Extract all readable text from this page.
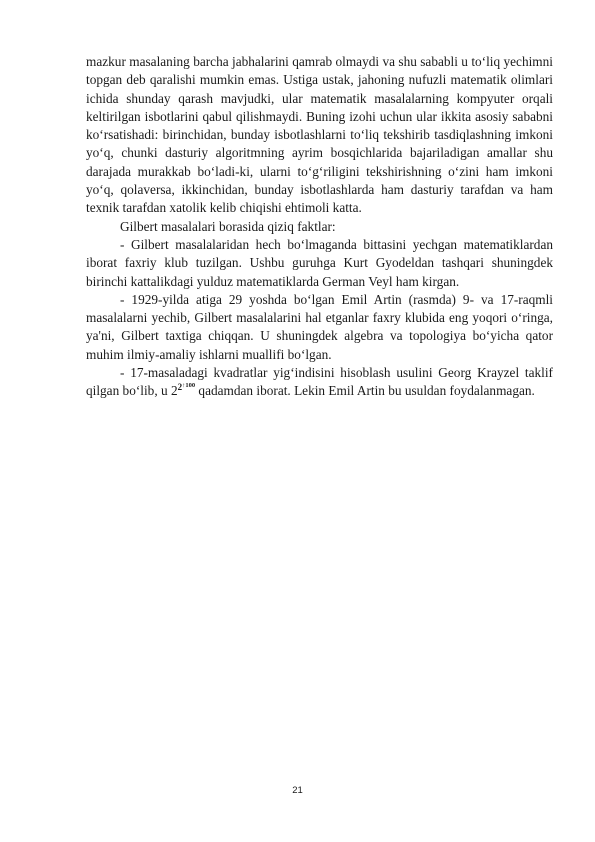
mazkur masalaning barcha jabhalarini qamrab olmaydi va shu sababli u to‘liq yechimni topgan deb qaralishi mumkin emas. Ustiga ustak, jahoning nufuzli matematik olimlari ichida shunday qarash mavjudki, ular matematik masalalarning kompyuter orqali keltirilgan isbotlarini qabul qilishmaydi. Buning izohi uchun ular ikkita asosiy sababni ko‘rsatishadi: birinchidan, bunday isbotlashlarni to‘liq tekshirib tasdiqlashning imkoni yo‘q, chunki dasturiy algoritmning ayrim bosqichlarida bajariladigan amallar shu darajada murakkab bo‘ladi-ki, ularni to‘g‘riligini tekshirishning o‘zini ham imkoni yo‘q, qolaversa, ikkinchidan, bunday isbotlashlarda ham dasturiy tarafdan va ham texnik tarafdan xatolik kelib chiqishi ehtimoli katta.

Gilbert masalalari borasida qiziq faktlar:

- Gilbert masalalaridan hech bo‘lmaganda bittasini yechgan matematiklardan iborat faxriy klub tuzilgan. Ushbu guruhga Kurt Gyodeldan tashqari shuningdek birinchi kattalikdagi yulduz matematiklarda German Veyl ham kirgan.

- 1929-yilda atiga 29 yoshda bo‘lgan Emil Artin (rasmda) 9- va 17-raqmli masalalarni yechib, Gilbert masalalarini hal etganlar faxry klubida eng yoqori o‘ringa, ya'ni, Gilbert taxtiga chiqqan. U shuningdek algebra va topologiya bo‘yicha qator muhim ilmiy-amaliy ishlarni muallifi bo‘lgan.

- 17-masaladagi kvadratlar yig‘indisini hisoblash usulini Georg Krayzel taklif qilgan bo‘lib, u $2^{2^{↑100}}$ qadamdan iborat. Lekin Emil Artin bu usuldan foydalanmagan.

21
